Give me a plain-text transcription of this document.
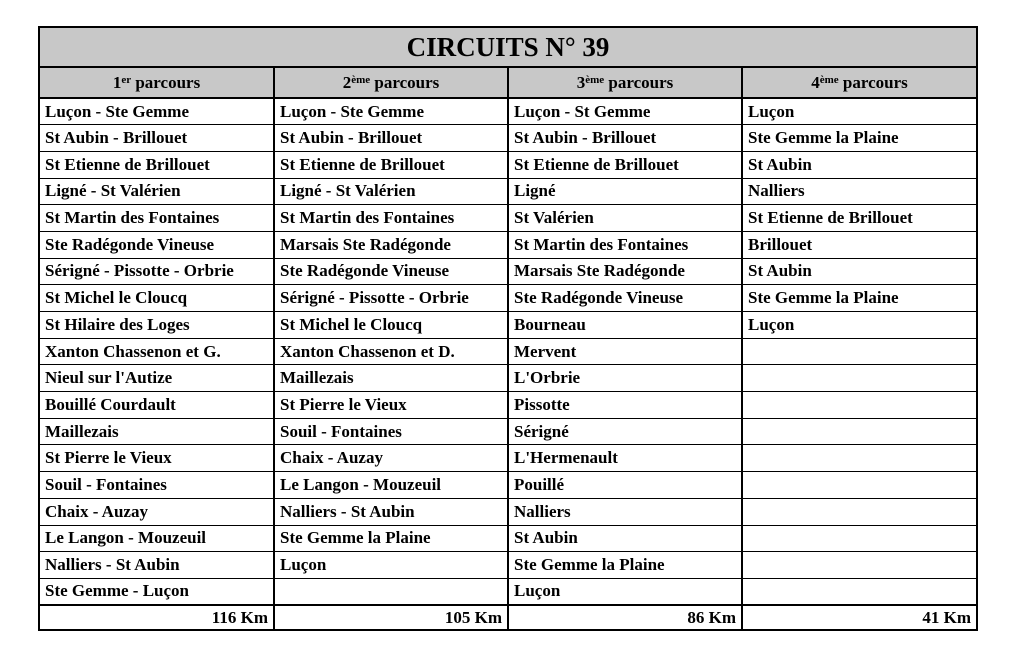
CIRCUITS N° 39
1er parcours	2ème parcours	3ème parcours	4ème parcours
Luçon - Ste Gemme	Luçon - Ste Gemme	Luçon - St Gemme	Luçon
St Aubin - Brillouet	St Aubin - Brillouet	St Aubin - Brillouet	Ste Gemme la Plaine
St Etienne de Brillouet	St Etienne de Brillouet	St Etienne de Brillouet	St Aubin
Ligné - St Valérien	Ligné - St Valérien	Ligné	Nalliers
St Martin des Fontaines	St Martin des Fontaines	St Valérien	St Etienne de Brillouet
Ste Radégonde Vineuse	Marsais Ste Radégonde	St Martin des Fontaines	Brillouet
Sérigné - Pissotte - Orbrie	Ste Radégonde Vineuse	Marsais Ste Radégonde	St Aubin
St Michel le Cloucq	Sérigné - Pissotte - Orbrie	Ste Radégonde Vineuse	Ste Gemme la Plaine
St Hilaire des Loges	St Michel le Cloucq	Bourneau	Luçon
Xanton Chassenon et G.	Xanton Chassenon et D.	Mervent	
Nieul sur l'Autize	Maillezais	L'Orbrie	
Bouillé Courdault	St Pierre le Vieux	Pissotte	
Maillezais	Souil - Fontaines	Sérigné	
St Pierre le Vieux	Chaix - Auzay	L'Hermenault	
Souil - Fontaines	Le Langon - Mouzeuil	Pouillé	
Chaix - Auzay	Nalliers - St Aubin	Nalliers	
Le Langon - Mouzeuil	Ste Gemme la Plaine	St Aubin	
Nalliers - St Aubin	Luçon	Ste Gemme la Plaine	
Ste Gemme - Luçon		Luçon	
116 Km	105 Km	86 Km	41 Km
